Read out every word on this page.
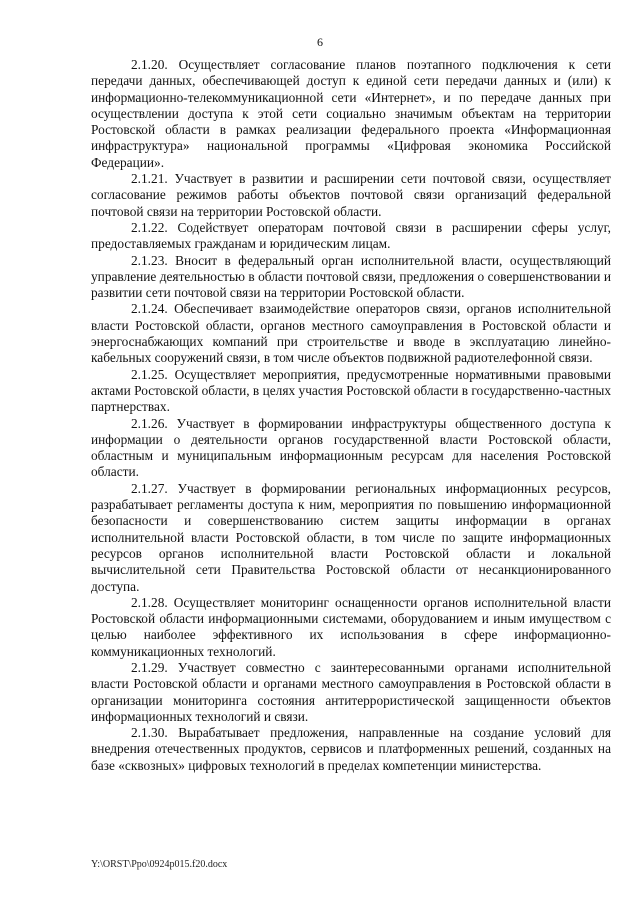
6

2.1.20. Осуществляет согласование планов поэтапного подключения к сети передачи данных, обеспечивающей доступ к единой сети передачи данных и (или) к информационно-телекоммуникационной сети «Интернет», и по передаче данных при осуществлении доступа к этой сети социально значимым объектам на территории Ростовской области в рамках реализации федерального проекта «Информационная инфраструктура» национальной программы «Цифровая экономика Российской Федерации».

2.1.21. Участвует в развитии и расширении сети почтовой связи, осуществляет согласование режимов работы объектов почтовой связи организаций федеральной почтовой связи на территории Ростовской области.

2.1.22. Содействует операторам почтовой связи в расширении сферы услуг, предоставляемых гражданам и юридическим лицам.

2.1.23. Вносит в федеральный орган исполнительной власти, осуществляющий управление деятельностью в области почтовой связи, предложения о совершенствовании и развитии сети почтовой связи на территории Ростовской области.

2.1.24. Обеспечивает взаимодействие операторов связи, органов исполнительной власти Ростовской области, органов местного самоуправления в Ростовской области и энергоснабжающих компаний при строительстве и вводе в эксплуатацию линейно-кабельных сооружений связи, в том числе объектов подвижной радиотелефонной связи.

2.1.25. Осуществляет мероприятия, предусмотренные нормативными правовыми актами Ростовской области, в целях участия Ростовской области в государственно-частных партнерствах.

2.1.26. Участвует в формировании инфраструктуры общественного доступа к информации о деятельности органов государственной власти Ростовской области, областным и муниципальным информационным ресурсам для населения Ростовской области.

2.1.27. Участвует в формировании региональных информационных ресурсов, разрабатывает регламенты доступа к ним, мероприятия по повышению информационной безопасности и совершенствованию систем защиты информации в органах исполнительной власти Ростовской области, в том числе по защите информационных ресурсов органов исполнительной власти Ростовской области и локальной вычислительной сети Правительства Ростовской области от несанкционированного доступа.

2.1.28. Осуществляет мониторинг оснащенности органов исполнительной власти Ростовской области информационными системами, оборудованием и иным имуществом с целью наиболее эффективного их использования в сфере информационно-коммуникационных технологий.

2.1.29. Участвует совместно с заинтересованными органами исполнительной власти Ростовской области и органами местного самоуправления в Ростовской области в организации мониторинга состояния антитеррористической защищенности объектов информационных технологий и связи.

2.1.30. Вырабатывает предложения, направленные на создание условий для внедрения отечественных продуктов, сервисов и платформенных решений, созданных на базе «сквозных» цифровых технологий в пределах компетенции министерства.

Y:\ORST\Ppo\0924p015.f20.docx
